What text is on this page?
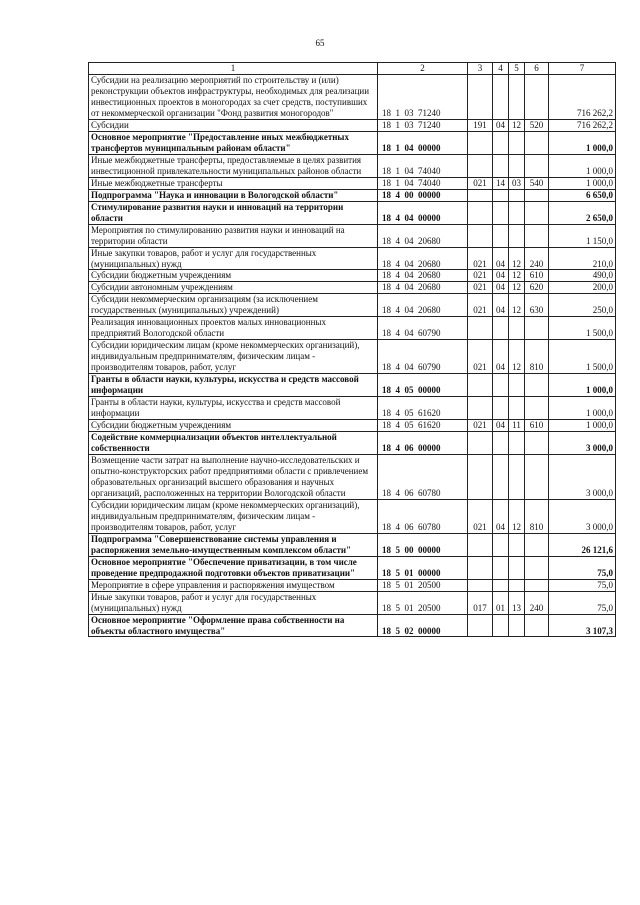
65
1	2	3	4	5	6	7
Субсидии на реализацию мероприятий по строительству и (или) реконструкции объектов инфраструктуры, необходимых для реализации инвестиционных проектов в моногородах за счет средств, поступивших от некоммерческой организации "Фонд развития моногородов"	18  1  03  71240					716 262,2
Субсидии	18  1  03  71240	191	04	12	520	716 262,2
Основное мероприятие "Предоставление иных межбюджетных трансфертов муниципальным районам области"	18  1  04  00000					1 000,0
Иные межбюджетные трансферты, предоставляемые в целях развития инвестиционной привлекательности муниципальных районов области	18  1  04  74040					1 000,0
Иные межбюджетные трансферты	18  1  04  74040	021	14	03	540	1 000,0
Подпрограмма "Наука и инновации в Вологодской области"	18  4  00  00000					6 650,0
Стимулирование развития науки и инноваций на территории области	18  4  04  00000					2 650,0
Мероприятия по стимулированию развития науки и инноваций на территории области	18  4  04  20680					1 150,0
Иные закупки товаров, работ и услуг для государственных (муниципальных) нужд	18  4  04  20680	021	04	12	240	210,0
Субсидии бюджетным учреждениям	18  4  04  20680	021	04	12	610	490,0
Субсидии автономным учреждениям	18  4  04  20680	021	04	12	620	200,0
Субсидии некоммерческим организациям (за исключением государственных (муниципальных) учреждений)	18  4  04  20680	021	04	12	630	250,0
Реализация инновационных проектов малых инновационных предприятий Вологодской области	18  4  04  60790					1 500,0
Субсидии юридическим лицам (кроме некоммерческих организаций), индивидуальным предпринимателям, физическим лицам - производителям товаров, работ, услуг	18  4  04  60790	021	04	12	810	1 500,0
Гранты в области науки, культуры, искусства и средств массовой информации	18  4  05  00000					1 000,0
Гранты в области науки, культуры, искусства и средств массовой информации	18  4  05  61620					1 000,0
Субсидии бюджетным учреждениям	18  4  05  61620	021	04	11	610	1 000,0
Содействие коммерциализации объектов интеллектуальной собственности	18  4  06  00000					3 000,0
Возмещение части затрат на выполнение научно-исследовательских и опытно-конструкторских работ предприятиями области с привлечением образовательных организаций высшего образования и научных организаций, расположенных на территории Вологодской области	18  4  06  60780					3 000,0
Субсидии юридическим лицам (кроме некоммерческих организаций), индивидуальным предпринимателям, физическим лицам - производителям товаров, работ, услуг	18  4  06  60780	021	04	12	810	3 000,0
Подпрограмма "Совершенствование системы управления и распоряжения земельно-имущественным комплексом области"	18  5  00  00000					26 121,6
Основное мероприятие "Обеспечение приватизации, в том числе проведение предпродажной подготовки объектов приватизации"	18  5  01  00000					75,0
Мероприятие в сфере управления и распоряжения имуществом	18  5  01  20500					75,0
Иные закупки товаров, работ и услуг для государственных (муниципальных) нужд	18  5  01  20500	017	01	13	240	75,0
Основное мероприятие "Оформление права собственности на объекты областного имущества"	18  5  02  00000					3 107,3
